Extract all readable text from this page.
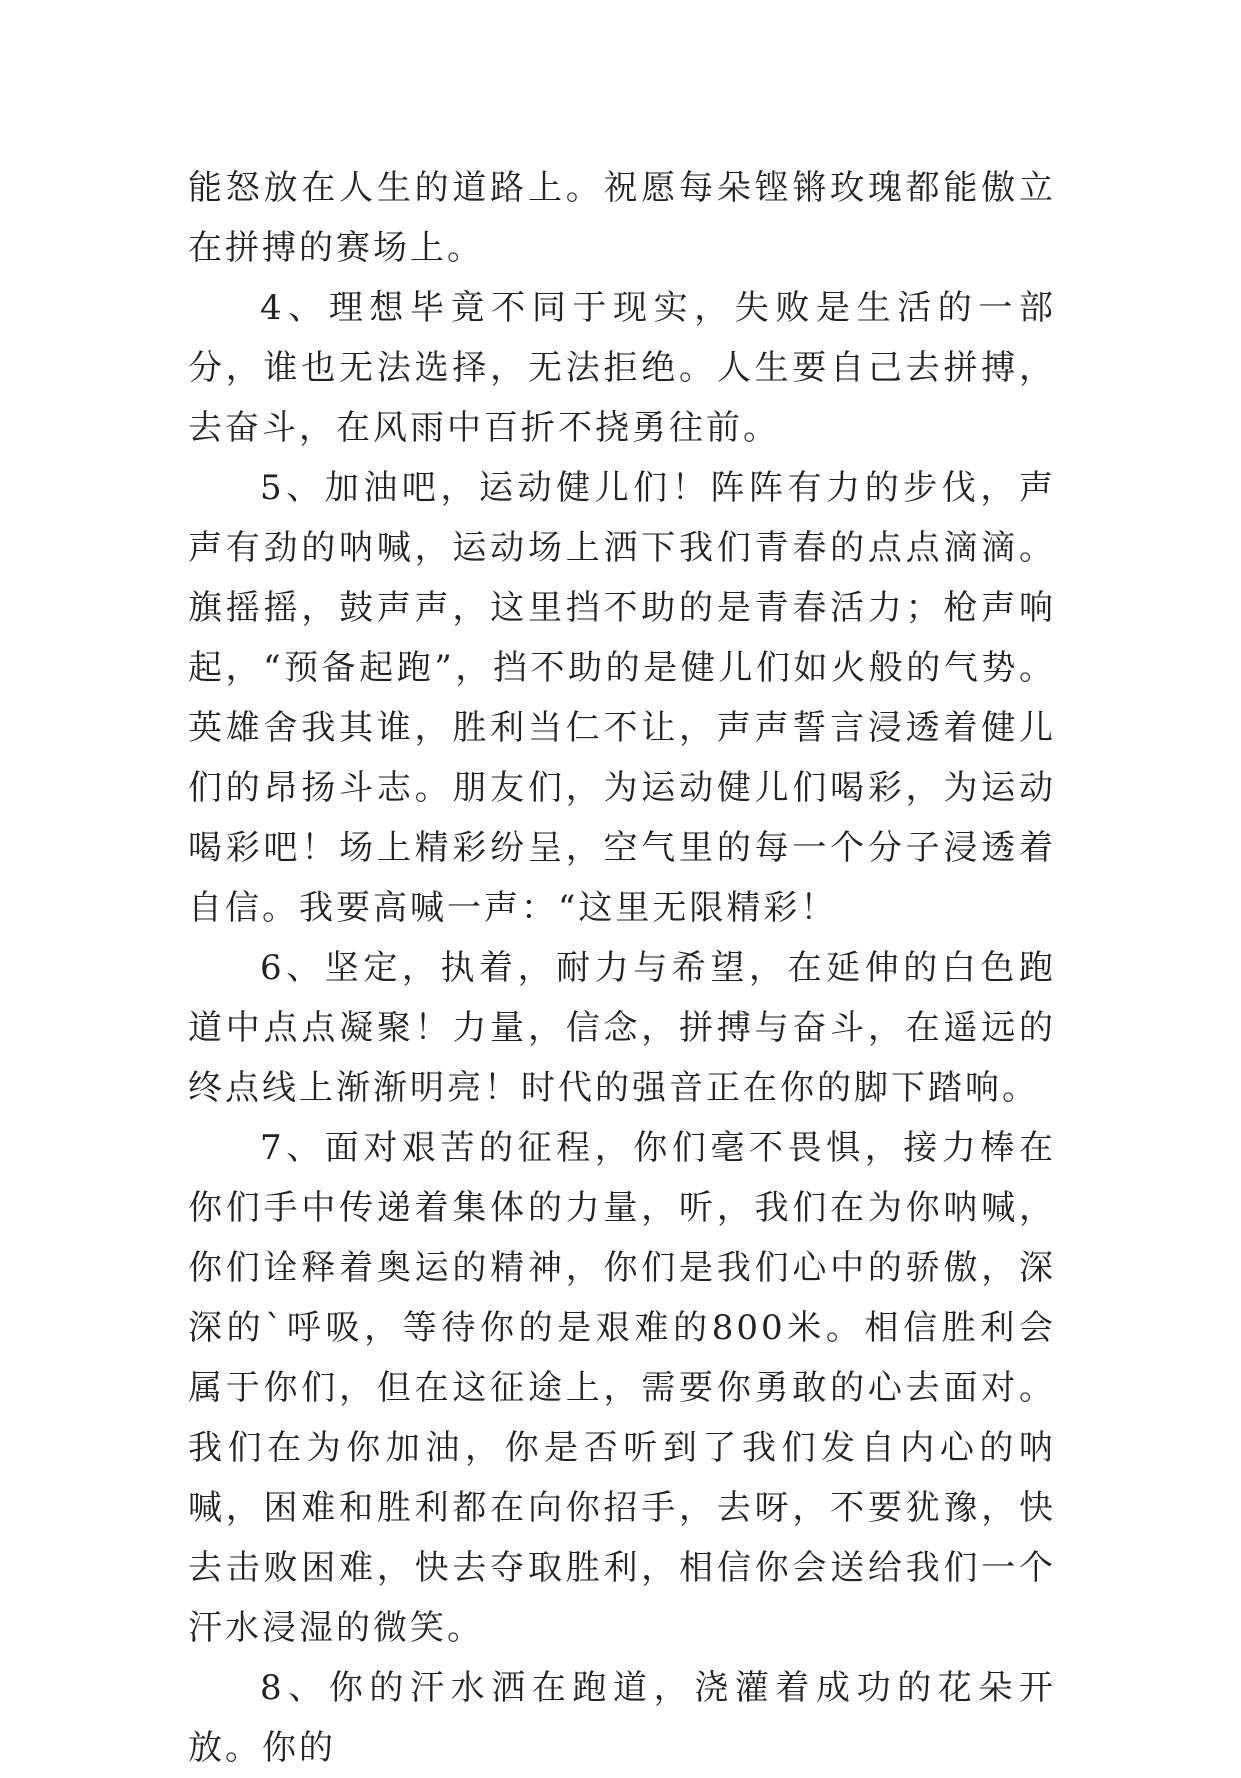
能怒放在人生的道路上。祝愿每朵铿锵玫瑰都能傲立在拼搏的赛场上。

4、理想毕竟不同于现实，失败是生活的一部分，谁也无法选择，无法拒绝。人生要自己去拼搏，去奋斗，在风雨中百折不挠勇往前。

5、加油吧，运动健儿们！阵阵有力的步伐，声声有劲的呐喊，运动场上洒下我们青春的点点滴滴。旗摇摇，鼓声声，这里挡不助的是青春活力；枪声响起，“预备起跑”，挡不助的是健儿们如火般的气势。英雄舍我其谁，胜利当仁不让，声声誓言浸透着健儿们的昂扬斗志。朋友们，为运动健儿们喝彩，为运动喝彩吧！场上精彩纷呈，空气里的每一个分子浸透着自信。我要高喊一声：“这里无限精彩！

6、坚定，执着，耐力与希望，在延伸的白色跑道中点点凝聚！力量，信念，拼搏与奋斗，在遥远的终点线上渐渐明亮！时代的强音正在你的脚下踏响。

7、面对艰苦的征程，你们毫不畏惧，接力棒在你们手中传递着集体的力量，听，我们在为你呐喊，你们诠释着奥运的精神，你们是我们心中的骄傲，深深的`呼吸，等待你的是艰难的800米。相信胜利会属于你们，但在这征途上，需要你勇敢的心去面对。我们在为你加油，你是否听到了我们发自内心的呐喊，困难和胜利都在向你招手，去呀，不要犹豫，快去击败困难，快去夺取胜利，相信你会送给我们一个汗水浸湿的微笑。

8、你的汗水洒在跑道，浇灌着成功的花朵开放。你的
